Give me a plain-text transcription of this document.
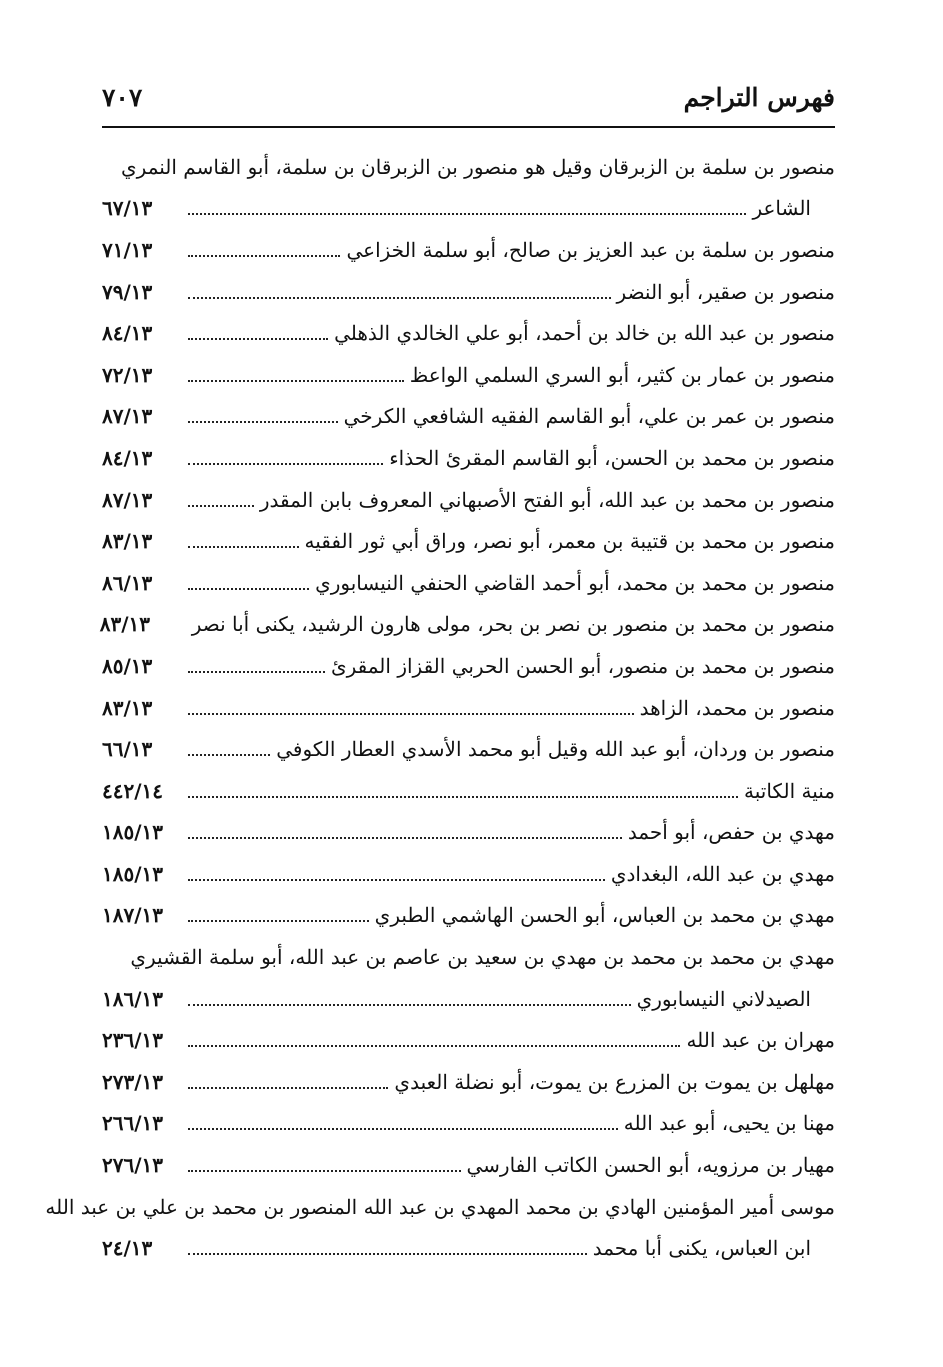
٧٠٧	فهرس التراجم
منصور بن سلمة بن الزبرقان وقيل هو منصور بن الزبرقان بن سلمة، أبو القاسم النمري
الشاعر
٦٧/١٣
منصور بن سلمة بن عبد العزيز بن صالح، أبو سلمة الخزاعي
٧١/١٣
منصور بن صقير، أبو النضر
٧٩/١٣
منصور بن عبد الله بن خالد بن أحمد، أبو علي الخالدي الذهلي
٨٤/١٣
منصور بن عمار بن كثير، أبو السري السلمي الواعظ
٧٢/١٣
منصور بن عمر بن علي، أبو القاسم الفقيه الشافعي الكرخي
٨٧/١٣
منصور بن محمد بن الحسن، أبو القاسم المقرئ الحذاء
٨٤/١٣
منصور بن محمد بن عبد الله، أبو الفتح الأصبهاني المعروف بابن المقدر
٨٧/١٣
منصور بن محمد بن قتيبة بن معمر، أبو نصر، وراق أبي ثور الفقيه
٨٣/١٣
منصور بن محمد بن محمد، أبو أحمد القاضي الحنفي النيسابوري
٨٦/١٣
منصور بن محمد بن منصور بن نصر بن بحر، مولى هارون الرشيد، يكنى أبا نصر
٨٣/١٣
منصور بن محمد بن منصور، أبو الحسن الحربي القزاز المقرئ
٨٥/١٣
منصور بن محمد، الزاهد
٨٣/١٣
منصور بن وردان، أبو عبد الله وقيل أبو محمد الأسدي العطار الكوفي
٦٦/١٣
منية الكاتبة
٤٤٢/١٤
مهدي بن حفص، أبو أحمد
١٨٥/١٣
مهدي بن عبد الله، البغدادي
١٨٥/١٣
مهدي بن محمد بن العباس، أبو الحسن الهاشمي الطبري
١٨٧/١٣
مهدي بن محمد بن محمد بن مهدي بن سعيد بن عاصم بن عبد الله، أبو سلمة القشيري
الصيدلاني النيسابوري
١٨٦/١٣
مهران بن عبد الله
٢٣٦/١٣
مهلهل بن يموت بن المزرع بن يموت، أبو نضلة العبدي
٢٧٣/١٣
مهنا بن يحيى، أبو عبد الله
٢٦٦/١٣
مهيار بن مرزويه، أبو الحسن الكاتب الفارسي
٢٧٦/١٣
موسى أمير المؤمنين الهادي بن محمد المهدي بن عبد الله المنصور بن محمد بن علي بن عبد الله
ابن العباس، يكنى أبا محمد
٢٤/١٣
